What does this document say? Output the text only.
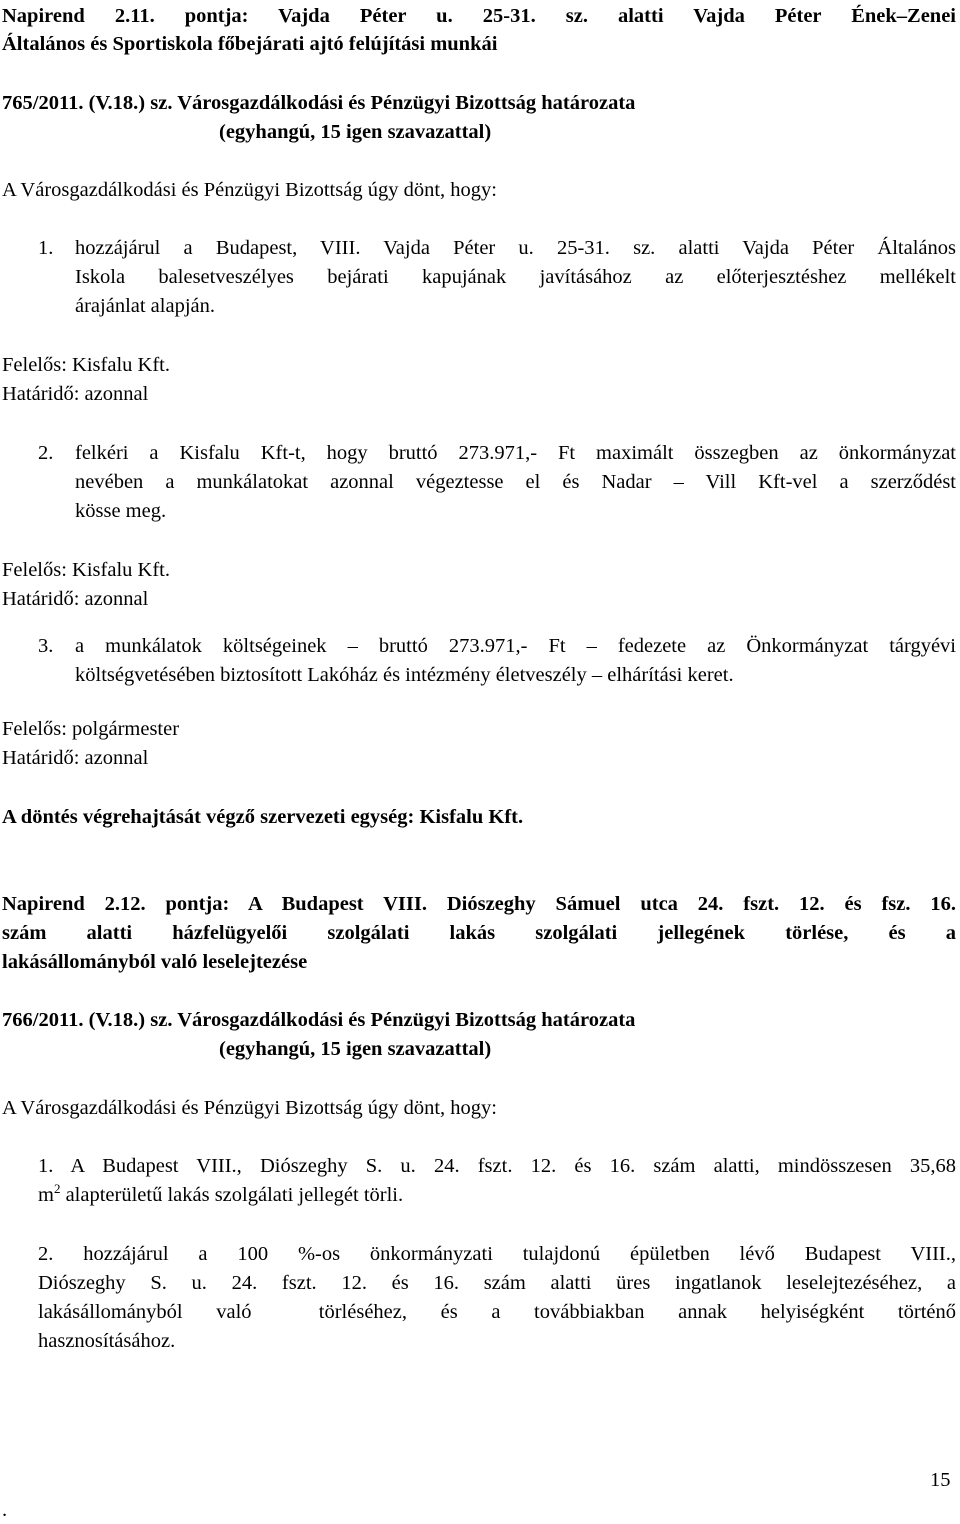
Napirend 2.11. pontja: Vajda Péter u. 25-31. sz. alatti Vajda Péter Ének–Zenei
Általános és Sportiskola főbejárati ajtó felújítási munkái
765/2011. (V.18.) sz. Városgazdálkodási és Pénzügyi Bizottság határozata
(egyhangú, 15 igen szavazattal)
A Városgazdálkodási és Pénzügyi Bizottság úgy dönt, hogy:
1. hozzájárul a Budapest, VIII. Vajda Péter u. 25-31. sz. alatti Vajda Péter Általános
Iskola balesetveszélyes bejárati kapujának javításához az előterjesztéshez mellékelt
árajánlat alapján.
Felelős: Kisfalu Kft.
Határidő: azonnal
2. felkéri a Kisfalu Kft-t, hogy bruttó 273.971,- Ft maximált összegben az önkormányzat
nevében a munkálatokat azonnal végeztesse el és Nadar – Vill Kft-vel a szerződést
kösse meg.
Felelős: Kisfalu Kft.
Határidő: azonnal
3. a munkálatok költségeinek – bruttó 273.971,- Ft – fedezete az Önkormányzat tárgyévi
költségvetésében biztosított Lakóház és intézmény életveszély – elhárítási keret.
Felelős: polgármester
Határidő: azonnal
A döntés végrehajtását végző szervezeti egység: Kisfalu Kft.
Napirend 2.12. pontja: A Budapest VIII. Diószeghy Sámuel utca 24. fszt. 12. és fsz. 16.
szám alatti házfelügyelői szolgálati lakás szolgálati jellegének törlése, és a
lakásállományból való leselejtezése
766/2011. (V.18.) sz. Városgazdálkodási és Pénzügyi Bizottság határozata
(egyhangú, 15 igen szavazattal)
A Városgazdálkodási és Pénzügyi Bizottság úgy dönt, hogy:
1. A Budapest VIII., Diószeghy S. u. 24. fszt. 12. és 16. szám alatti, mindösszesen 35,68
$m^2$ alapterületű lakás szolgálati jellegét törli.
2. hozzájárul a 100 %-os önkormányzati tulajdonú épületben lévő Budapest VIII.,
Diószeghy S. u. 24. fszt. 12. és 16. szám alatti üres ingatlanok leselejtezéséhez, a
lakásállományból való  törléséhez, és a továbbiakban annak helyiségként történő
hasznosításához.
15
.
